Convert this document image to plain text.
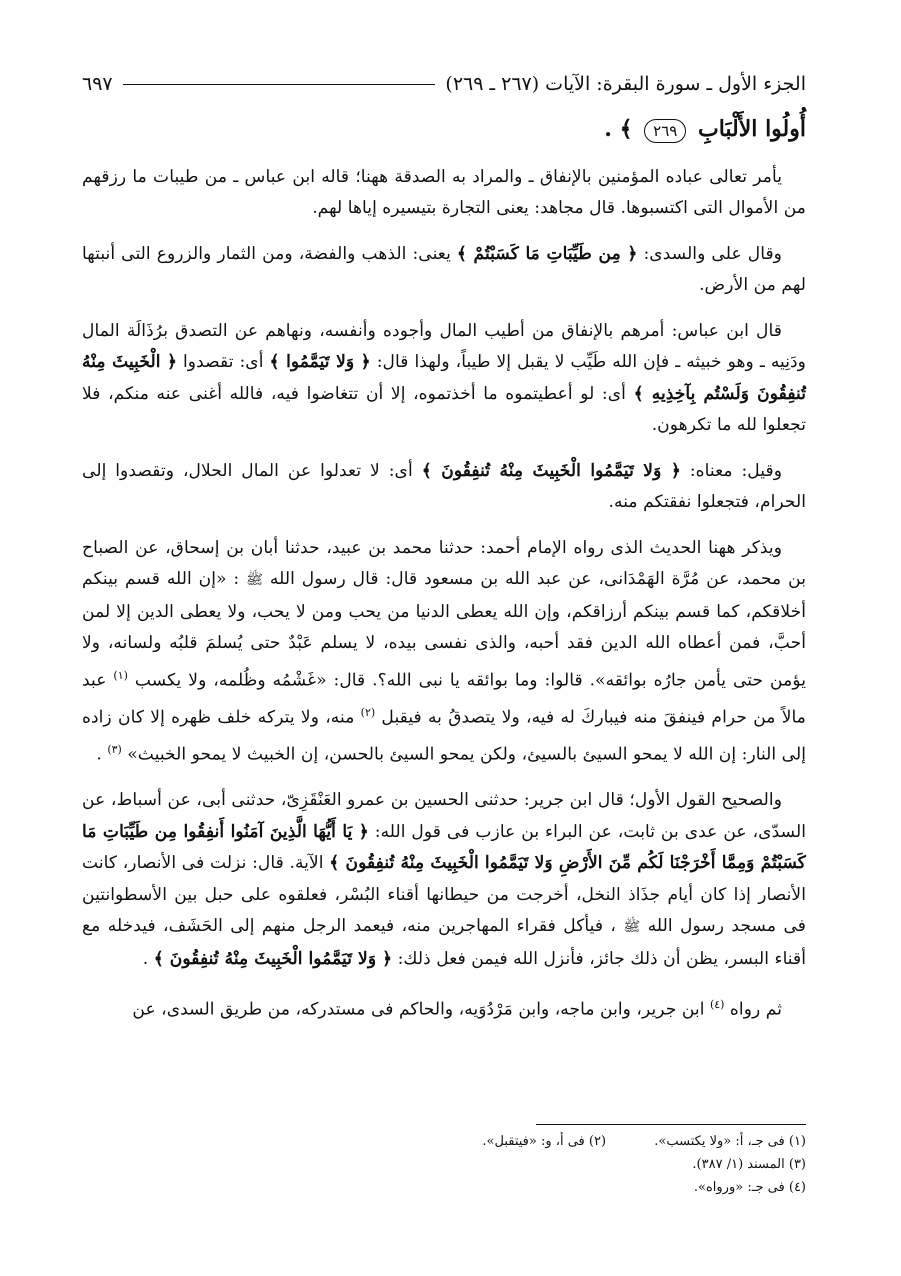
الجزء الأول ـ سورة البقرة: الآيات (٢٦٧ ـ ٢٦٩)
٦٩٧

أُولُوا الأَلْبَابِ ٢٦٩ ﴾ .

يأمر تعالى عباده المؤمنين بالإنفاق ـ والمراد به الصدقة ههنا؛ قاله ابن عباس ـ من طيبات ما رزقهم من الأموال التى اكتسبوها. قال مجاهد: يعنى التجارة بتيسيره إياها لهم.

وقال على والسدى: ﴿ مِن طَيِّبَاتِ مَا كَسَبْتُمْ ﴾ يعنى: الذهب والفضة، ومن الثمار والزروع التى أنبتها لهم من الأرض.

قال ابن عباس: أمرهم بالإنفاق من أطيب المال وأجوده وأنفسه، ونهاهم عن التصدق برُذَالَة المال ودَنِيه ـ وهو خبيثه ـ فإن الله طَيِّب لا يقبل إلا طيباً، ولهذا قال: ﴿ وَلا تَيَمَّمُوا ﴾ أى: تقصدوا ﴿ الْخَبِيثَ مِنْهُ تُنفِقُونَ وَلَسْتُم بِآخِذِيهِ ﴾ أى: لو أعطيتموه ما أخذتموه، إلا أن تتغاضوا فيه، فالله أغنى عنه منكم، فلا تجعلوا لله ما تكرهون.

وقيل: معناه: ﴿ وَلا تَيَمَّمُوا الْخَبِيثَ مِنْهُ تُنفِقُونَ ﴾ أى: لا تعدلوا عن المال الحلال، وتقصدوا إلى الحرام، فتجعلوا نفقتكم منه.

ويذكر ههنا الحديث الذى رواه الإمام أحمد: حدثنا محمد بن عبيد، حدثنا أبان بن إسحاق، عن الصباح بن محمد، عن مُرَّة الهَمْدَانى، عن عبد الله بن مسعود قال: قال رسول الله ﷺ : «إن الله قسم بينكم أخلاقكم، كما قسم بينكم أرزاقكم، وإن الله يعطى الدنيا من يحب ومن لا يحب، ولا يعطى الدين إلا لمن أحبَّ، فمن أعطاه الله الدين فقد أحبه، والذى نفسى بيده، لا يسلم عَبْدٌ حتى يُسلمَ قلبُه ولسانه، ولا يؤمن حتى يأمن جارُه بوائقه». قالوا: وما بوائقه يا نبى الله؟. قال: «غَشْمُه وظُلمه، ولا يكسب $^{(١)}$ عبد مالاً من حرام فينفقَ منه فيباركَ له فيه، ولا يتصدقُ به فيقبل $^{(٢)}$ منه، ولا يتركه خلف ظهره إلا كان زاده إلى النار: إن الله لا يمحو السيئ بالسيئ، ولكن يمحو السيئ بالحسن، إن الخبيث لا يمحو الخبيث» $^{(٣)}$ .

والصحيح القول الأول؛ قال ابن جرير: حدثنى الحسين بن عمرو العَنْقَزِىّ، حدثنى أبى، عن أسباط، عن السدّى، عن عدى بن ثابت، عن البراء بن عازب فى قول الله: ﴿ يَا أَيُّهَا الَّذِينَ آمَنُوا أَنفِقُوا مِن طَيِّبَاتِ مَا كَسَبْتُمْ وَمِمَّا أَخْرَجْنَا لَكُم مِّنَ الأَرْضِ وَلا تَيَمَّمُوا الْخَبِيثَ مِنْهُ تُنفِقُونَ ﴾ الآية. قال: نزلت فى الأنصار، كانت الأنصار إذا كان أيام جذَاذ النخل، أخرجت من حيطانها أقناء البُسْر، فعلقوه على حبل بين الأسطوانتين فى مسجد رسول الله ﷺ ، فيأكل فقراء المهاجرين منه، فيعمد الرجل منهم إلى الحَشَف، فيدخله مع أقناء البسر، يظن أن ذلك جائز، فأنزل الله فيمن فعل ذلك: ﴿ وَلا تَيَمَّمُوا الْخَبِيثَ مِنْهُ تُنفِقُونَ ﴾ .

ثم رواه $^{(٤)}$ ابن جرير، وابن ماجه، وابن مَرْدُوَيه، والحاكم فى مستدركه، من طريق السدى، عن

(١) فى جـ، أ: «ولا يكتسب».  (٢) فى أ، و: «فيتقبل».
(٣) المسند (١/ ٣٨٧).
(٤) فى جـ: «ورواه».
